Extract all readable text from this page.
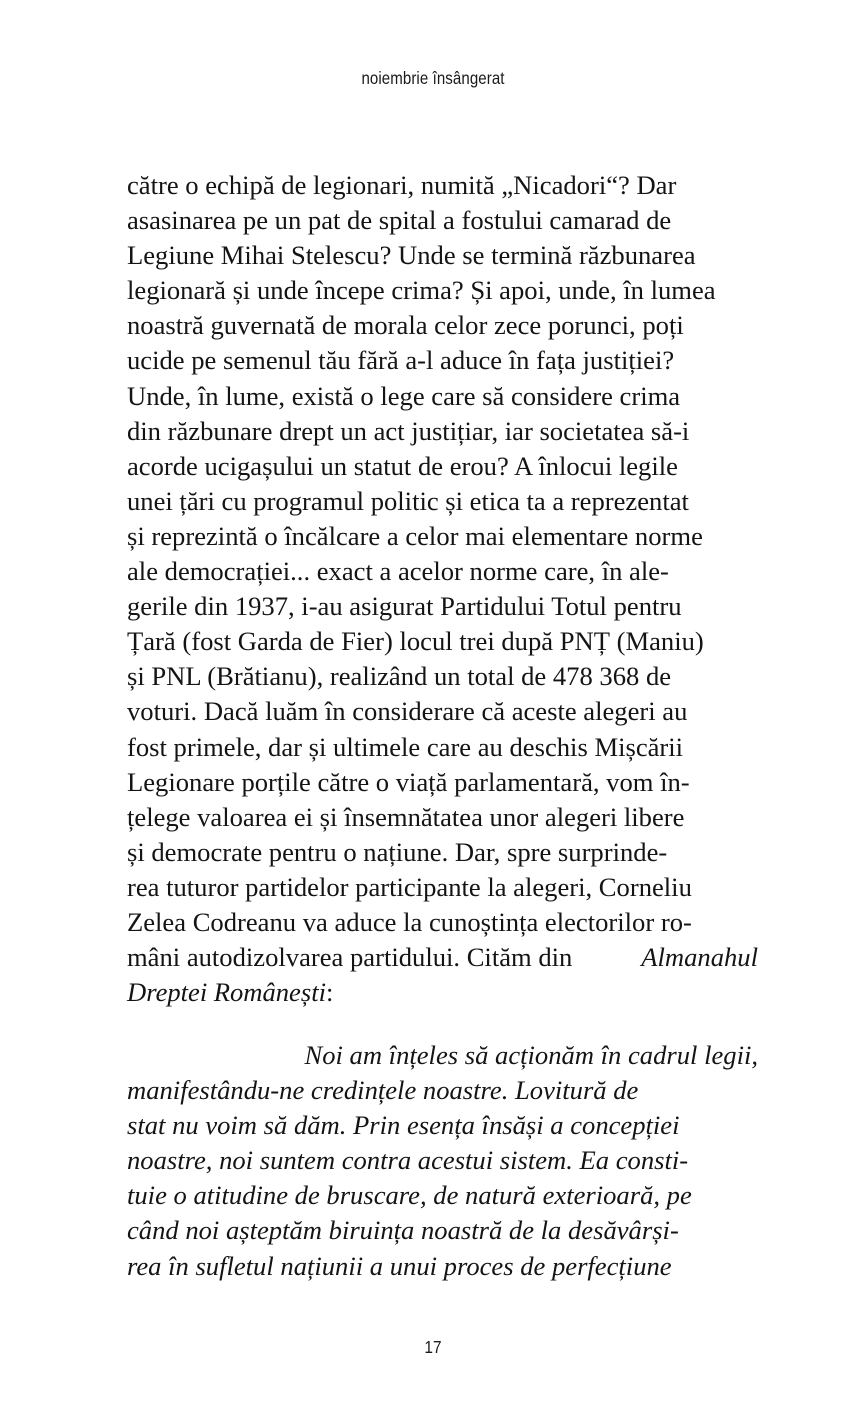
noiembrie însângerat

către o echipă de legionari, numită „Nicadori“? Dar
asasinarea pe un pat de spital a fostului camarad de
Legiune Mihai Stelescu? Unde se termină răzbunarea
legionară și unde începe crima? Și apoi, unde, în lumea
noastră guvernată de morala celor zece porunci, poți
ucide pe semenul tău fără a-l aduce în fața justiției?
Unde, în lume, există o lege care să considere crima
din răzbunare drept un act justițiar, iar societatea să-i
acorde ucigașului un statut de erou? A înlocui legile
unei țări cu programul politic și etica ta a reprezentat
și reprezintă o încălcare a celor mai elementare norme
ale democrației... exact a acelor norme care, în ale-
gerile din 1937, i-au asigurat Partidului Totul pentru
Țară (fost Garda de Fier) locul trei după PNȚ (Maniu)
și PNL (Brătianu), realizând un total de 478 368 de
voturi. Dacă luăm în considerare că aceste alegeri au
fost primele, dar și ultimele care au deschis Mișcării
Legionare porțile către o viață parlamentară, vom în-
țelege valoarea ei și însemnătatea unor alegeri libere
și democrate pentru o națiune. Dar, spre surprinde-
rea tuturor partidelor participante la alegeri, Corneliu
Zelea Codreanu va aduce la cunoștința electorilor ro-
mâni autodizolvarea partidului. Cităm din Almanahul
Dreptei Românești:

Noi am înțeles să acționăm în cadrul legii,
manifestându-ne credințele noastre. Lovitură de
stat nu voim să dăm. Prin esența însăși a concepției
noastre, noi suntem contra acestui sistem. Ea consti-
tuie o atitudine de bruscare, de natură exterioară, pe
când noi așteptăm biruința noastră de la desăvârși-
rea în sufletul națiunii a unui proces de perfecțiune
17
